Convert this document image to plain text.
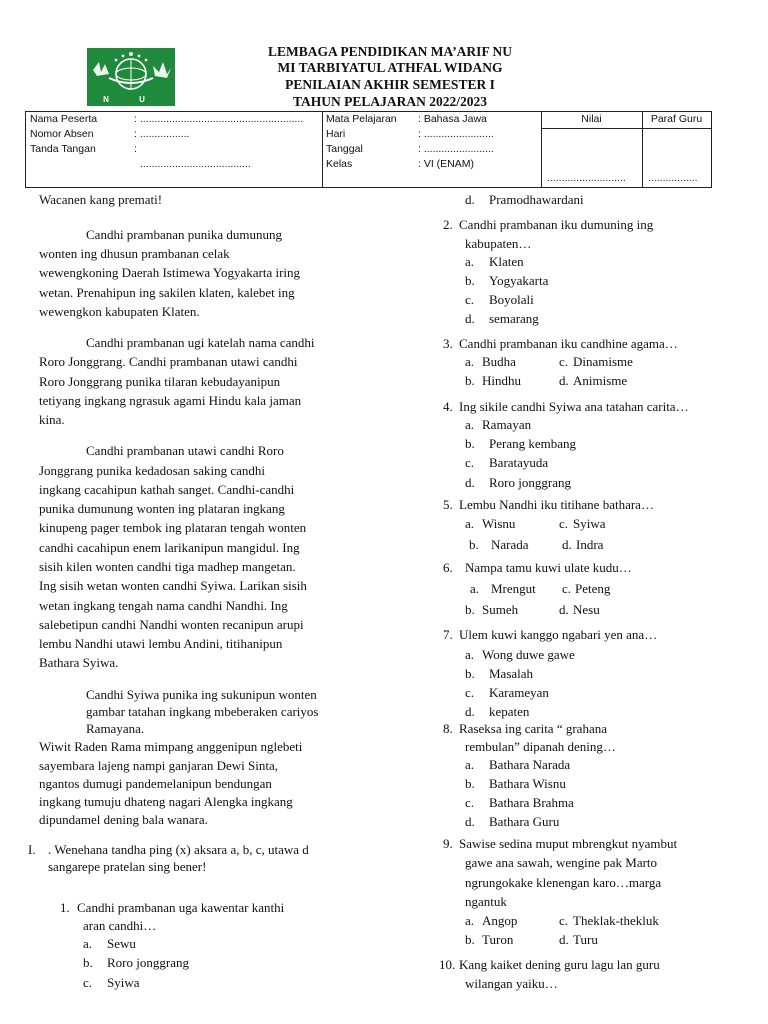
N U
LEMBAGA PENDIDIKAN MA’ARIF NU
MI TARBIYATUL ATHFAL WIDANG
PENILAIAN AKHIR SEMESTER I
TAHUN PELAJARAN 2022/2023
Nama Peserta	: ........................................................
Nomor Absen	: .................
Tanda Tangan	:
......................................
Mata Pelajaran : Bahasa Jawa
Hari	: ........................
Tanggal	: ........................
Kelas	: VI (ENAM)
Nilai
...........................
Paraf Guru
.................
Wacanen kang premati!
Candhi prambanan punika dumunung
wonten ing dhusun prambanan celak
wewengkoning Daerah Istimewa Yogyakarta iring
wetan. Prenahipun ing sakilen klaten, kalebet ing
wewengkon kabupaten Klaten.
Candhi prambanan ugi katelah nama candhi
Roro Jonggrang. Candhi prambanan utawi candhi
Roro Jonggrang punika tilaran kebudayanipun
tetiyang ingkang ngrasuk agami Hindu kala jaman
kina.
Candhi prambanan utawi candhi Roro
Jonggrang punika kedadosan saking candhi
ingkang cacahipun kathah sanget. Candhi-candhi
punika dumunung wonten ing plataran ingkang
kinupeng pager tembok ing plataran tengah wonten
candhi cacahipun enem larikanipun mangidul. Ing
sisih kilen wonten candhi tiga madhep mangetan.
Ing sisih wetan wonten candhi Syiwa. Larikan sisih
wetan ingkang tengah nama candhi Nandhi. Ing
salebetipun candhi Nandhi wonten recanipun arupi
lembu Nandhi utawi lembu Andini, titihanipun
Bathara Syiwa.
Candhi Syiwa punika ing sukunipun wonten
gambar tatahan ingkang mbeberaken cariyos
Ramayana.
Wiwit Raden Rama mimpang anggenipun nglebeti
sayembara lajeng nampi ganjaran Dewi Sinta,
ngantos dumugi pandemelanipun bendungan
ingkang tumuju dhateng nagari Alengka ingkang
dipundamel dening bala wanara.
I. . Wenehana tandha ping (x) aksara a, b, c, utawa d
sangarepe pratelan sing bener!
1. Candhi prambanan uga kawentar kanthi
aran candhi…
a. Sewu
b. Roro jonggrang
c. Syiwa
d. Pramodhawardani
2. Candhi prambanan iku dumuning ing
kabupaten…
a. Klaten
b. Yogyakarta
c. Boyolali
d. semarang
3. Candhi prambanan iku candhine agama…
a. Budha	c. Dinamisme
b. Hindhu	d. Animisme
4. Ing sikile candhi Syiwa ana tatahan carita…
a. Ramayan
b. Perang kembang
c. Baratayuda
d. Roro jonggrang
5. Lembu Nandhi iku titihane bathara…
a. Wisnu	c. Syiwa
b. Narada	d. Indra
6. Nampa tamu kuwi ulate kudu…
a. Mrengut c. Peteng
b. Sumeh	d. Nesu
7. Ulem kuwi kanggo ngabari yen ana…
a. Wong duwe gawe
b. Masalah
c. Karameyan
d. kepaten
8. Raseksa ing carita “ grahana
rembulan” dipanah dening…
a. Bathara Narada
b. Bathara Wisnu
c. Bathara Brahma
d. Bathara Guru
9. Sawise sedina muput mbrengkut nyambut
gawe ana sawah, wengine pak Marto
ngrungokake klenengan karo…marga
ngantuk
a. Angop	c. Theklak-thekluk
b. Turon	d. Turu
10. Kang kaiket dening guru lagu lan guru
wilangan yaiku…
